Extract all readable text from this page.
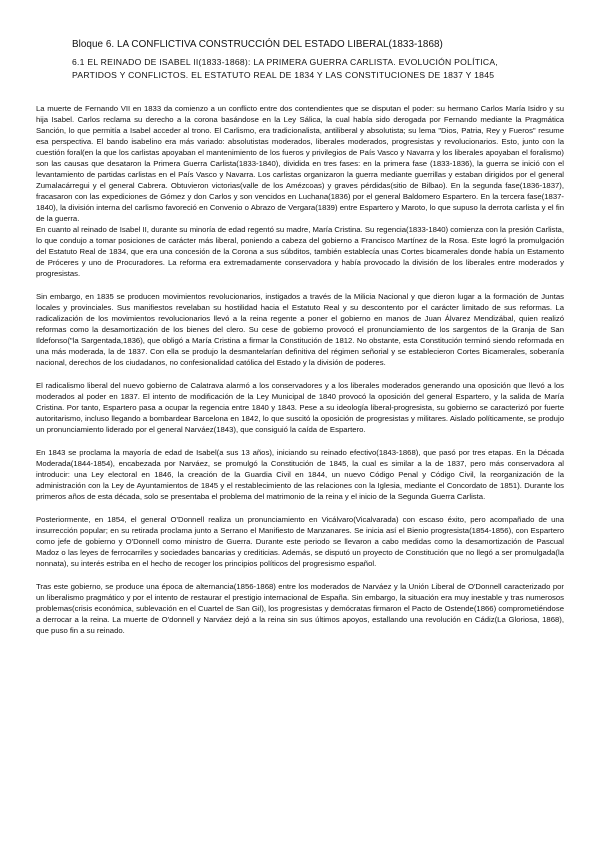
Bloque 6. LA CONFLICTIVA CONSTRUCCIÓN DEL ESTADO LIBERAL(1833-1868)
6.1 EL REINADO DE ISABEL II(1833-1868): LA PRIMERA GUERRA CARLISTA. EVOLUCIÓN POLÍTICA, PARTIDOS Y CONFLICTOS. EL ESTATUTO REAL DE 1834 Y LAS CONSTITUCIONES DE 1837 Y 1845

La muerte de Fernando VII en 1833 da comienzo a un conflicto entre dos contendientes que se disputan el poder: su hermano Carlos María Isidro y su hija Isabel. Carlos reclama su derecho a la corona basándose en la Ley Sálica, la cual había sido derogada por Fernando mediante la Pragmática Sanción, lo que permitía a Isabel acceder al trono. El Carlismo, era tradicionalista, antiliberal y absolutista; su lema "Dios, Patria, Rey y Fueros" resume esa perspectiva. El bando isabelino era más variado: absolutistas moderados, liberales moderados, progresistas y revolucionarios. Esto, junto con la cuestión foral(en la que los carlistas apoyaban el mantenimiento de los fueros y privilegios de País Vasco y Navarra y los liberales apoyaban el foralismo) son las causas que desataron la Primera Guerra Carlista(1833-1840), dividida en tres fases: en la primera fase (1833-1836), la guerra se inició con el levantamiento de partidas carlistas en el País Vasco y Navarra. Los carlistas organizaron la guerra mediante guerrillas y estaban dirigidos por el general Zumalacárregui y el general Cabrera. Obtuvieron victorias(valle de los Amézcoas) y graves pérdidas(sitio de Bilbao). En la segunda fase(1836-1837), fracasaron con las expediciones de Gómez y don Carlos y son vencidos en Luchana(1836) por el general Baldomero Espartero. En la tercera fase(1837-1840), la división interna del carlismo favoreció en Convenio o Abrazo de Vergara(1839) entre Espartero y Maroto, lo que supuso la derrota carlista y el fin de la guerra.

En cuanto al reinado de Isabel II, durante su minoría de edad regentó su madre, María Cristina. Su regencia(1833-1840) comienza con la presión Carlista, lo que condujo a tomar posiciones de carácter más liberal, poniendo a cabeza del gobierno a Francisco Martínez de la Rosa. Este logró la promulgación del Estatuto Real de 1834, que era una concesión de la Corona a sus súbditos, también establecía unas Cortes bicamerales donde había un Estamento de Próceres y uno de Procuradores. La reforma era extremadamente conservadora y había provocado la división de los liberales entre moderados y progresistas.

Sin embargo, en 1835 se producen movimientos revolucionarios, instigados a través de la Milicia Nacional y que dieron lugar a la formación de Juntas locales y provinciales. Sus manifiestos revelaban su hostilidad hacia el Estatuto Real y su descontento por el carácter limitado de sus reformas. La radicalización de los movimientos revolucionarios llevó a la reina regente a poner el gobierno en manos de Juan Álvarez Mendizábal, quien realizó reformas como la desamortización de los bienes del clero. Su cese de gobierno provocó el pronunciamiento de los sargentos de la Granja de San Ildefonso("la Sargentada,1836), que obligó a María Cristina a firmar la Constitución de 1812. No obstante, esta Constitución terminó siendo reformada en una más moderada, la de 1837. Con ella se produjo la desmantelarían definitiva del régimen señorial y se establecieron Cortes Bicamerales, soberanía nacional, derechos de los ciudadanos, no confesionalidad católica del Estado y la división de poderes.

El radicalismo liberal del nuevo gobierno de Calatrava alarmó a los conservadores y a los liberales moderados generando una oposición que llevó a los moderados al poder en 1837. El intento de modificación de la Ley Municipal de 1840 provocó la oposición del general Espartero, y la salida de María Cristina. Por tanto, Espartero pasa a ocupar la regencia entre 1840 y 1843. Pese a su ideología liberal-progresista, su gobierno se caracterizó por fuerte autoritarismo, incluso llegando a bombardear Barcelona en 1842, lo que suscitó la oposición de progresistas y militares. Aislado políticamente, se produjo un pronunciamiento liderado por el general Narváez(1843), que consiguió la caída de Espartero.

En 1843 se proclama la mayoría de edad de Isabel(a sus 13 años), iniciando su reinado efectivo(1843-1868), que pasó por tres etapas. En la Década Moderada(1844-1854), encabezada por Narváez, se promulgó la Constitución de 1845, la cual es similar a la de 1837, pero más conservadora al introducir: una Ley electoral en 1846, la creación de la Guardia Civil en 1844, un nuevo Código Penal y Código Civil, la reorganización de la administración con la Ley de Ayuntamientos de 1845 y el restablecimiento de las relaciones con la Iglesia, mediante el Concordato de 1851). Durante los primeros años de esta década, solo se presentaba el problema del matrimonio de la reina y el inicio de la Segunda Guerra Carlista.

Posteriormente, en 1854, el general O'Donnell realiza un pronunciamiento en Vicálvaro(Vicalvarada) con escaso éxito, pero acompañado de una insurrección popular; en su retirada proclama junto a Serrano el Manifiesto de Manzanares. Se inicia así el Bienio progresista(1854-1856), con Espartero como jefe de gobierno y O'Donnell como ministro de Guerra. Durante este periodo se llevaron a cabo medidas como la desamortización de Pascual Madoz o las leyes de ferrocarriles y sociedades bancarias y crediticias. Además, se disputó un proyecto de Constitución que no llegó a ser promulgada(la nonnata), su interés estriba en el hecho de recoger los principios políticos del progresismo español.

Tras este gobierno, se produce una época de alternancia(1856-1868) entre los moderados de Narváez y la Unión Liberal de O'Donnell caracterizado por un liberalismo pragmático y por el intento de restaurar el prestigio internacional de España. Sin embargo, la situación era muy inestable y tras numerosos problemas(crisis económica, sublevación en el Cuartel de San Gil), los progresistas y demócratas firmaron el Pacto de Ostende(1866) comprometiéndose a derrocar a la reina. La muerte de O'donnell y Narváez dejó a la reina sin sus últimos apoyos, estallando una revolución en Cádiz(La Gloriosa, 1868), que puso fin a su reinado.
